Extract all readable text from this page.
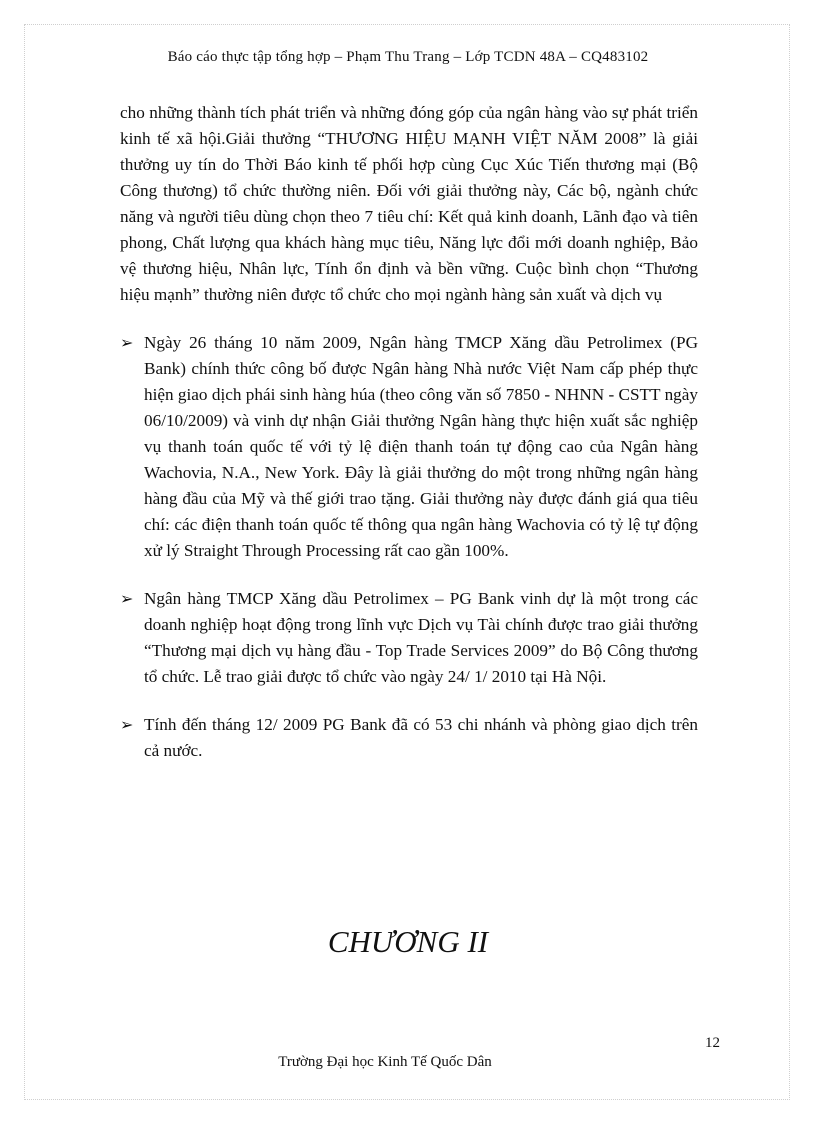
Báo cáo thực tập tổng hợp – Phạm Thu Trang – Lớp TCDN 48A – CQ483102

cho những thành tích phát triển và những đóng góp của ngân hàng vào sự phát triển kinh tế xã hội.Giải thưởng “THƯƠNG HIỆU MẠNH VIỆT NĂM 2008” là giải thưởng uy tín do Thời Báo kinh tế phối hợp cùng Cục Xúc Tiến thương mại (Bộ Công thương) tổ chức thường niên. Đối với giải thưởng này, Các bộ, ngành chức năng và người tiêu dùng chọn theo 7 tiêu chí: Kết quả kinh doanh, Lãnh đạo và tiên phong, Chất lượng qua khách hàng mục tiêu, Năng lực đổi mới doanh nghiệp, Bảo vệ thương hiệu, Nhân lực, Tính ổn định và bền vững. Cuộc bình chọn “Thương hiệu mạnh” thường niên được tổ chức cho mọi ngành hàng sản xuất và dịch vụ

➢ Ngày 26 tháng 10 năm 2009, Ngân hàng TMCP Xăng dầu Petrolimex (PG Bank) chính thức công bố được Ngân hàng Nhà nước Việt Nam cấp phép thực hiện giao dịch phái sinh hàng húa (theo công văn số 7850 - NHNN - CSTT ngày 06/10/2009) và vinh dự nhận Giải thưởng Ngân hàng thực hiện xuất sắc nghiệp vụ thanh toán quốc tế với tỷ lệ điện thanh toán tự động cao của Ngân hàng Wachovia, N.A., New York. Đây là giải thưởng do một trong những ngân hàng hàng đầu của Mỹ và thế giới trao tặng. Giải thưởng này được đánh giá qua tiêu chí: các điện thanh toán quốc tế thông qua ngân hàng Wachovia có tỷ lệ tự động xử lý Straight Through Processing rất cao gần 100%.
➢ Ngân hàng TMCP Xăng dầu Petrolimex – PG Bank vinh dự là một trong các doanh nghiệp hoạt động trong lĩnh vực Dịch vụ Tài chính được trao giải thưởng “Thương mại dịch vụ hàng đầu - Top Trade Services 2009” do Bộ Công thương tổ chức. Lễ trao giải được tổ chức vào ngày 24/ 1/ 2010 tại Hà Nội.
➢ Tính đến tháng 12/ 2009 PG Bank đã có 53 chi nhánh và phòng giao dịch trên cả nước.
CHƯƠNG II
12
Trường Đại học Kinh Tế Quốc Dân
